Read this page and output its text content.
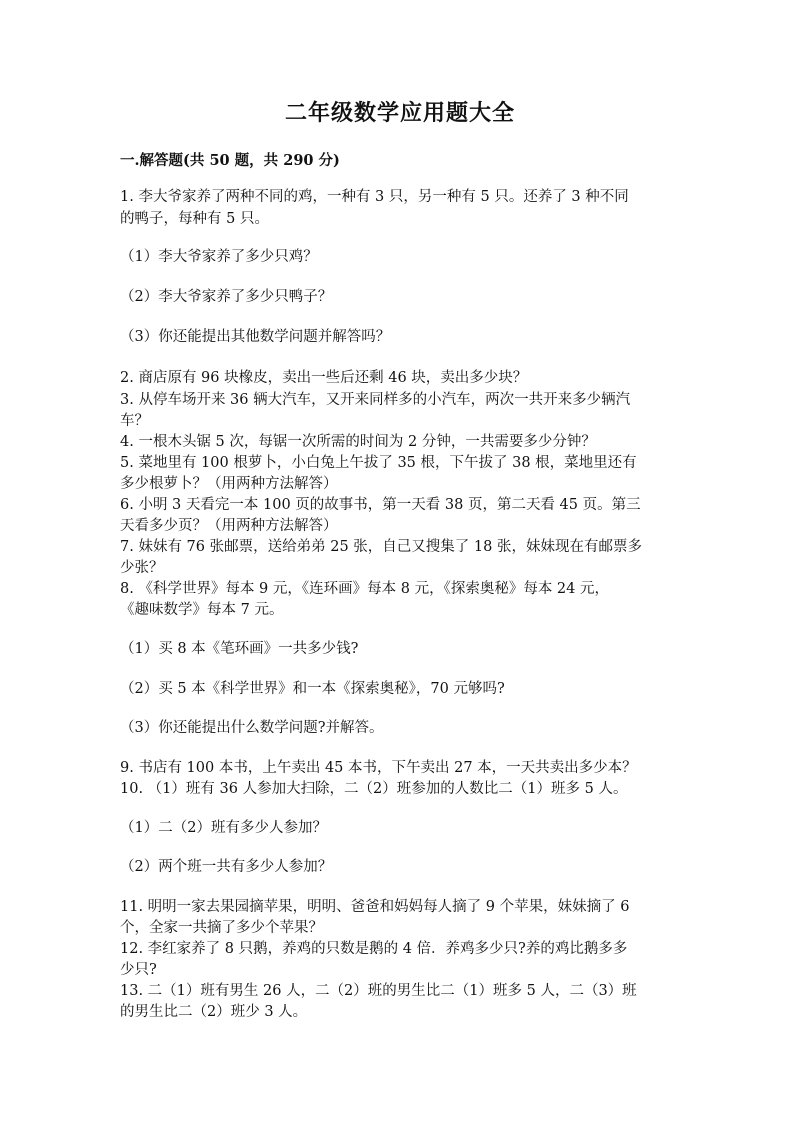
二年级数学应用题大全
一.解答题(共 50 题，共 290 分)
1. 李大爷家养了两种不同的鸡，一种有 3 只，另一种有 5 只。还养了 3 种不同
的鸭子，每种有 5 只。
（1）李大爷家养了多少只鸡？
（2）李大爷家养了多少只鸭子？
（3）你还能提出其他数学问题并解答吗？
2. 商店原有 96 块橡皮，卖出一些后还剩 46 块，卖出多少块？
3. 从停车场开来 36 辆大汽车，又开来同样多的小汽车，两次一共开来多少辆汽
车？
4. 一根木头锯 5 次，每锯一次所需的时间为 2 分钟，一共需要多少分钟？
5. 菜地里有 100 根萝卜，小白兔上午拔了 35 根，下午拔了 38 根，菜地里还有
多少根萝卜？（用两种方法解答）
6. 小明 3 天看完一本 100 页的故事书，第一天看 38 页，第二天看 45 页。第三
天看多少页？（用两种方法解答）
7. 妹妹有 76 张邮票，送给弟弟 25 张，自己又搜集了 18 张，妹妹现在有邮票多
少张？
8. 《科学世界》每本 9 元，《连环画》每本 8 元，《探索奥秘》每本 24 元，
《趣味数学》每本 7 元。
（1）买 8 本《笔环画》一共多少钱?
（2）买 5 本《科学世界》和一本《探索奥秘》，70 元够吗?
（3）你还能提出什么数学问题?并解答。
9. 书店有 100 本书，上午卖出 45 本书，下午卖出 27 本，一天共卖出多少本？
10. （1）班有 36 人参加大扫除，二（2）班参加的人数比二（1）班多 5 人。
（1）二（2）班有多少人参加？
（2）两个班一共有多少人参加？
11. 明明一家去果园摘苹果，明明、爸爸和妈妈每人摘了 9 个苹果，妹妹摘了 6
个，全家一共摘了多少个苹果？
12. 李红家养了 8 只鹅，养鸡的只数是鹅的 4 倍．养鸡多少只?养的鸡比鹅多多
少只?
13. 二（1）班有男生 26 人，二（2）班的男生比二（1）班多 5 人，二（3）班
的男生比二（2）班少 3 人。
